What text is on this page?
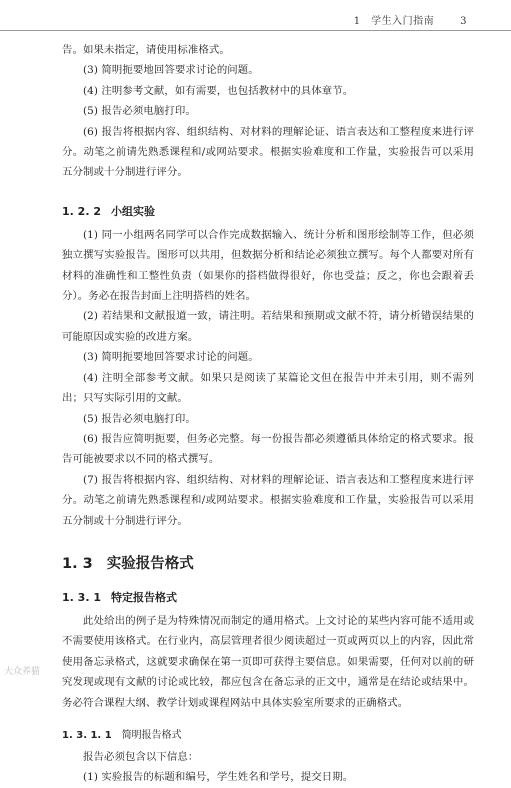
1　学生入门指南	3

告。如果未指定，请使用标准格式。

(3) 简明扼要地回答要求讨论的问题。

(4) 注明参考文献，如有需要，也包括教材中的具体章节。

(5) 报告必须电脑打印。

(6) 报告将根据内容、组织结构、对材料的理解论证、语言表达和工整程度来进行评分。动笔之前请先熟悉课程和/或网站要求。根据实验难度和工作量，实验报告可以采用五分制或十分制进行评分。

1. 2. 2 小组实验

(1) 同一小组两名同学可以合作完成数据输入、统计分析和图形绘制等工作，但必须独立撰写实验报告。图形可以共用，但数据分析和结论必须独立撰写。每个人都要对所有材料的准确性和工整性负责（如果你的搭档做得很好，你也受益；反之，你也会跟着丢分）。务必在报告封面上注明搭档的姓名。

(2) 若结果和文献报道一致，请注明。若结果和预期或文献不符，请分析错误结果的可能原因或实验的改进方案。

(3) 简明扼要地回答要求讨论的问题。

(4) 注明全部参考文献。如果只是阅读了某篇论文但在报告中并未引用，则不需列出；只写实际引用的文献。

(5) 报告必须电脑打印。

(6) 报告应简明扼要，但务必完整。每一份报告都必须遵循具体给定的格式要求。报告可能被要求以不同的格式撰写。

(7) 报告将根据内容、组织结构、对材料的理解论证、语言表达和工整程度来进行评分。动笔之前请先熟悉课程和/或网站要求。根据实验难度和工作量，实验报告可以采用五分制或十分制进行评分。

1. 3 实验报告格式
1. 3. 1 特定报告格式

此处给出的例子是为特殊情况而制定的通用格式。上文讨论的某些内容可能不适用或不需要使用该格式。在行业内，高层管理者很少阅读超过一页或两页以上的内容，因此常使用备忘录格式，这就要求确保在第一页即可获得主要信息。如果需要，任何对以前的研究发现或现有文献的讨论或比较，都应包含在备忘录的正文中，通常是在结论或结果中。务必符合课程大纲、教学计划或课程网站中具体实验室所要求的正确格式。

1. 3. 1. 1 简明报告格式

报告必须包含以下信息：

(1) 实验报告的标题和编号，学生姓名和学号，提交日期。

大众养猫
